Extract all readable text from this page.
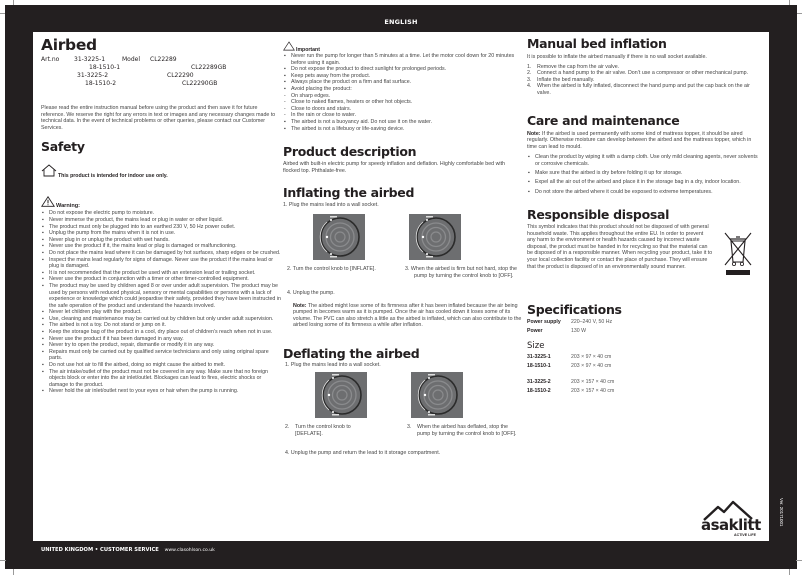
ENGLISH
Airbed
Art.no 31-3225-1	Model CL22289
18-1510-1	CL22289GB
31-3225-2	CL22290
18-1510-2	CL22290GB

Please read the entire instruction manual before using the product and then save it for future reference. We reserve the right for any errors in text or images and any necessary changes made to technical data. In the event of technical problems or other queries, please contact our Customer Services.

Safety
This product is intended for indoor use only.
Warning:
▪ Do not expose the electric pump to moisture.
▪ Never immerse the product, the mains lead or plug in water or other liquid.
▪ The product must only be plugged into to an earthed 230 V, 50 Hz power outlet.
▪ Unplug the pump from the mains when it is not in use.
▪ Never plug in or unplug the product with wet hands.
▪ Never use the product if it, the mains lead or plug is damaged or malfunctioning.
▪ Do not place the mains lead where it can be damaged by hot surfaces, sharp edges or be crushed.
▪ Inspect the mains lead regularly for signs of damage. Never use the product if the mains lead or plug is damaged.
▪ It is not recommended that the product be used with an extension lead or trailing socket.
▪ Never use the product in conjunction with a timer or other timer-controlled equipment.
▪ The product may be used by children aged 8 or over under adult supervision. The product may be used by persons with reduced physical, sensory or mental capabilities or persons with a lack of experience or knowledge which could jeopardise their safety, provided they have been instructed in the safe operation of the product and understand the hazards involved.
▪ Never let children play with the product.
▪ Use, cleaning and maintenance may be carried out by children but only under adult supervision.
▪ The airbed is not a toy. Do not stand or jump on it.
▪ Keep the storage bag of the product in a cool, dry place out of children’s reach when not in use.
▪ Never use the product if it has been damaged in any way.
▪ Never try to open the product, repair, dismantle or modify it in any way.
▪ Repairs must only be carried out by qualified service technicians and only using original spare parts.
▪ Do not use hot air to fill the airbed, doing so might cause the airbed to melt.
▪ The air intake/outlet of the product must not be covered in any way. Make sure that no foreign objects block or enter into the air inlet/outlet. Blockages can lead to fires, electric shocks or damage to the product.
▪ Never hold the air inlet/outlet next to your eyes or hair when the pump is running.
Important
▪ Never run the pump for longer than 5 minutes at a time. Let the motor cool down for 20 minutes before using it again.
▪ Do not expose the product to direct sunlight for prolonged periods.
▪ Keep pets away from the product.
▪ Always place the product on a firm and flat surface.
▪ Avoid placing the product:
- On sharp edges.
- Close to naked flames, heaters or other hot objects.
- Close to doors and stairs.
- In the rain or close to water.
▪ The airbed is not a buoyancy aid. Do not use it on the water.
▪ The airbed is not a lifebuoy or life-saving device.
Product description

Airbed with built-in electric pump for speedy inflation and deflation. Highly comfortable bed with flocked top. Phthalate-free.

Inflating the airbed

1. Plug the mains lead into a wall socket.

2. Turn the control knob to [INFLATE].	3. When the airbed is firm but not hard, stop the pump by turning the control knob to [OFF].

4. Unplug the pump.

Note: The airbed might lose some of its firmness after it has been inflated because the air being pumped in becomes warm as it is pumped. Once the air has cooled down it loses some of its volume. The PVC can also stretch a little as the airbed is inflated, which can also contribute to the airbed losing some of its firmness a while after inflation.

Deflating the airbed

1. Plug the mains lead into a wall socket.

2. Turn the control knob to [DEFLATE].
3. When the airbed has deflated, stop the pump by turning the control knob to [OFF].

4. Unplug the pump and return the lead to it storage compartment.

Manual bed inflation

It is possible to inflate the airbed manually if there is no wall socket available.

1. Remove the cap from the air valve.
2. Connect a hand pump to the air valve. Don’t use a compressor or other mechanical pump.
3. Inflate the bed manually.
4. When the airbed is fully inflated, disconnect the hand pump and put the cap back on the air valve.
Care and maintenance

Note: If the airbed is used permanently with some kind of mattress topper, it should be aired regularly. Otherwise moisture can develop between the airbed and the mattress topper, which in time can lead to mould.

▪ Clean the product by wiping it with a damp cloth. Use only mild cleaning agents, never solvents or corrosive chemicals.
▪ Make sure that the airbed is dry before folding it up for storage.
▪ Expel all the air out of the airbed and place it in the storage bag in a dry, indoor location.
▪ Do not store the airbed where it could be exposed to extreme temperatures.
Responsible disposal

This symbol indicates that this product should not be disposed of with general household waste. This applies throughout the entire EU. In order to prevent any harm to the environment or health hazards caused by incorrect waste disposal, the product must be handed in for recycling so that the material can be disposed of in a responsible manner. When recycling your product, take it to your local collection facility or contact the place of purchase. They will ensure that the product is disposed of in an environmentally sound manner.

Specifications
Power supply	220–240 V, 50 Hz
Power	130 W
Size
31-3225-1	203 × 97 × 40 cm
18-1510-1	203 × 97 × 40 cm
31-3225-2	203 × 157 × 40 cm
18-1510-2	203 × 157 × 40 cm
asaklitt
ACTIVE LIFE
UNITED KINGDOM • CUSTOMER SERVICE www.clasohlson.co.uk
Ver. 20171001
